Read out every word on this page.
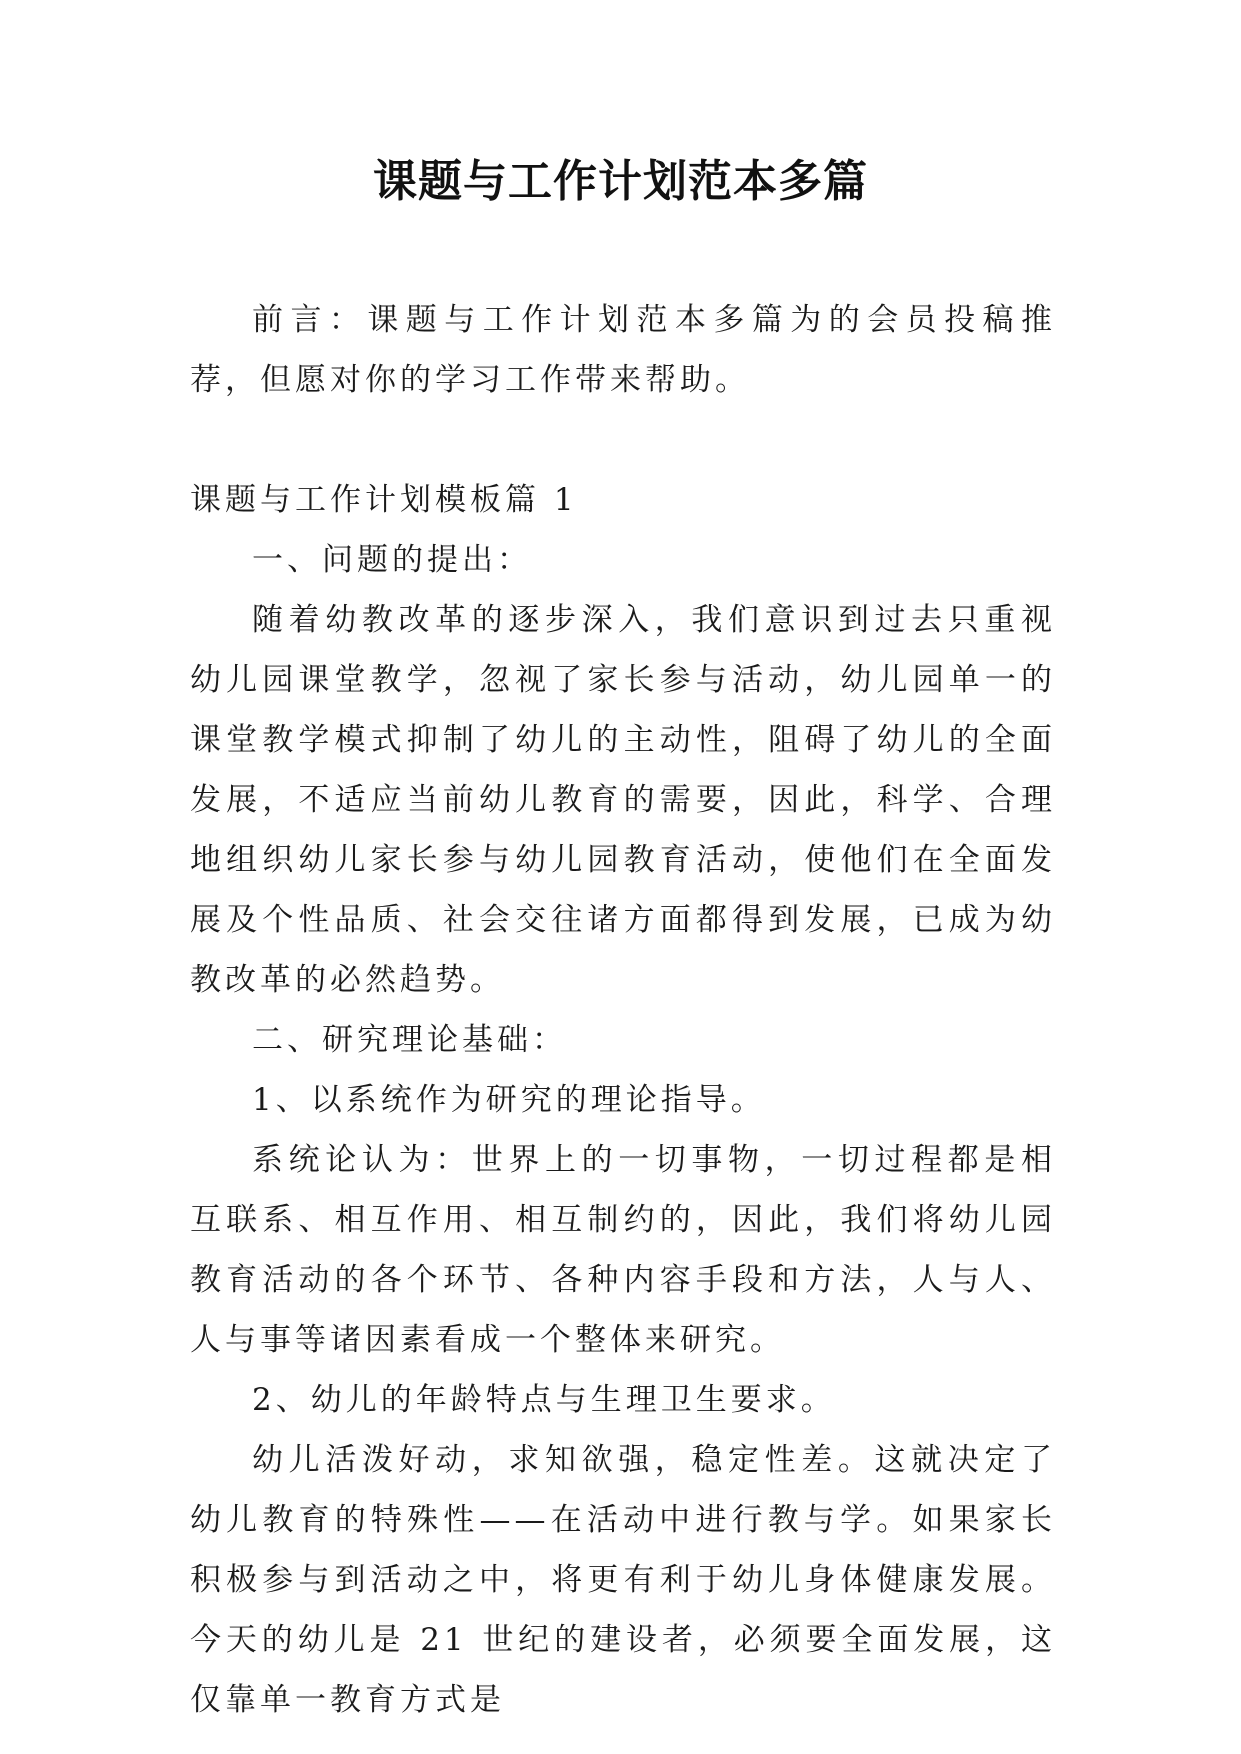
课题与工作计划范本多篇

前言：课题与工作计划范本多篇为的会员投稿推荐，但愿对你的学习工作带来帮助。

课题与工作计划模板篇 1

一、问题的提出：

随着幼教改革的逐步深入，我们意识到过去只重视幼儿园课堂教学，忽视了家长参与活动，幼儿园单一的课堂教学模式抑制了幼儿的主动性，阻碍了幼儿的全面发展，不适应当前幼儿教育的需要，因此，科学、合理地组织幼儿家长参与幼儿园教育活动，使他们在全面发展及个性品质、社会交往诸方面都得到发展，已成为幼教改革的必然趋势。

二、研究理论基础：

1、以系统作为研究的理论指导。

系统论认为：世界上的一切事物，一切过程都是相互联系、相互作用、相互制约的，因此，我们将幼儿园教育活动的各个环节、各种内容手段和方法，人与人、人与事等诸因素看成一个整体来研究。

2、幼儿的年龄特点与生理卫生要求。

幼儿活泼好动，求知欲强，稳定性差。这就决定了幼儿教育的特殊性——在活动中进行教与学。如果家长积极参与到活动之中，将更有利于幼儿身体健康发展。今天的幼儿是 21 世纪的建设者，必须要全面发展，这仅靠单一教育方式是
